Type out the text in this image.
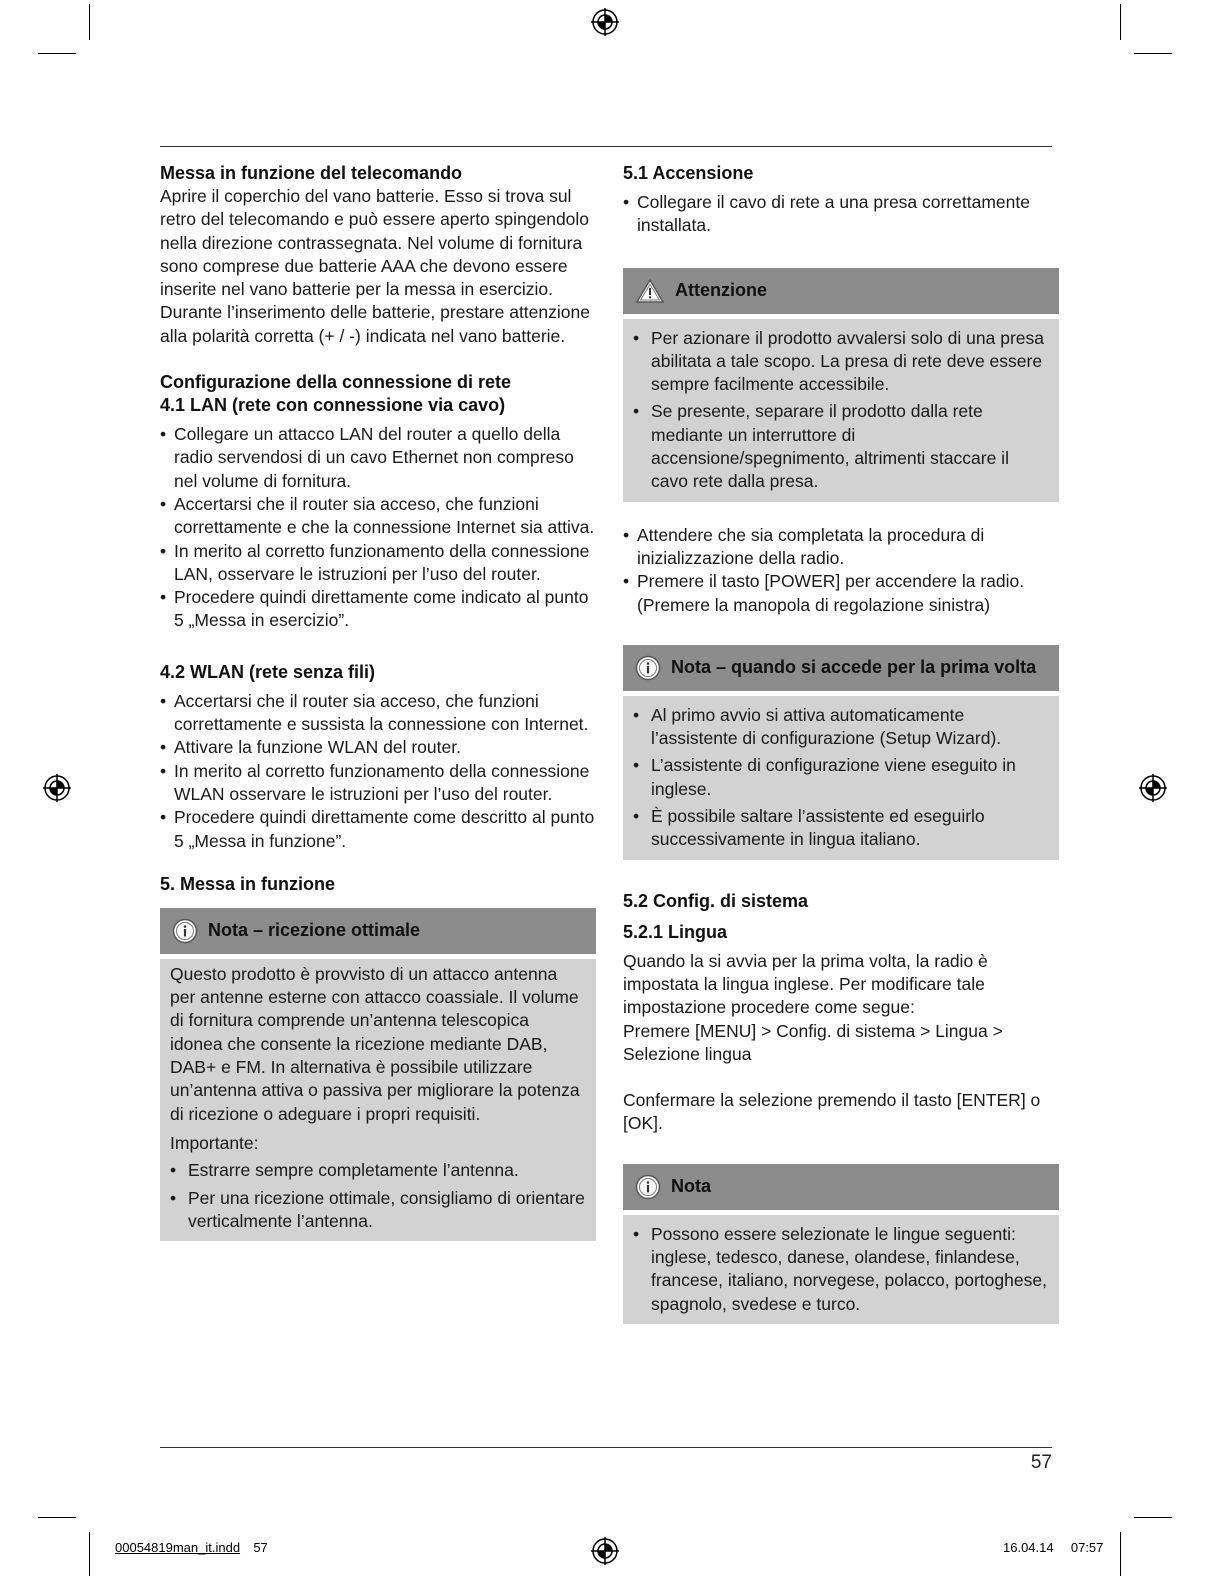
Messa in funzione del telecomando

Aprire il coperchio del vano batterie. Esso si trova sul retro del telecomando e può essere aperto spingendolo nella direzione contrassegnata. Nel volume di fornitura sono comprese due batterie AAA che devono essere inserite nel vano batterie per la messa in esercizio. Durante l’inserimento delle batterie, prestare attenzione alla polarità corretta (+ / -) indicata nel vano batterie.

Configurazione della connessione di rete
4.1 LAN (rete con connessione via cavo)
• Collegare un attacco LAN del router a quello della radio servendosi di un cavo Ethernet non compreso nel volume di fornitura.
• Accertarsi che il router sia acceso, che funzioni correttamente e che la connessione Internet sia attiva.
• In merito al corretto funzionamento della connessione LAN, osservare le istruzioni per l’uso del router.
• Procedere quindi direttamente come indicato al punto 5 „Messa in esercizio”.
4.2 WLAN (rete senza fili)
• Accertarsi che il router sia acceso, che funzioni correttamente e sussista la connessione con Internet.
• Attivare la funzione WLAN del router.
• In merito al corretto funzionamento della connessione WLAN osservare le istruzioni per l’uso del router.
• Procedere quindi direttamente come descritto al punto 5 „Messa in funzione”.
5. Messa in funzione
Nota – ricezione ottimale

Questo prodotto è provvisto di un attacco antenna per antenne esterne con attacco coassiale. Il volume di fornitura comprende un’antenna telescopica idonea che consente la ricezione mediante DAB, DAB+ e FM. In alternativa è possibile utilizzare un’antenna attiva o passiva per migliorare la potenza di ricezione o adeguare i propri requisiti.

Importante:

• Estrarre sempre completamente l’antenna.
• Per una ricezione ottimale, consigliamo di orientare verticalmente l’antenna.
5.1 Accensione
• Collegare il cavo di rete a una presa correttamente installata.
Attenzione
• Per azionare il prodotto avvalersi solo di una presa abilitata a tale scopo. La presa di rete deve essere sempre facilmente accessibile.
• Se presente, separare il prodotto dalla rete mediante un interruttore di accensione/spegnimento, altrimenti staccare il cavo rete dalla presa.
• Attendere che sia completata la procedura di inizializzazione della radio.
• Premere il tasto [POWER] per accendere la radio. (Premere la manopola di regolazione sinistra)
Nota – quando si accede per la prima volta
• Al primo avvio si attiva automaticamente l’assistente di configurazione (Setup Wizard).
• L’assistente di configurazione viene eseguito in inglese.
• È possibile saltare l’assistente ed eseguirlo successivamente in lingua italiano.
5.2 Config. di sistema
5.2.1 Lingua

Quando la si avvia per la prima volta, la radio è impostata la lingua inglese. Per modificare tale impostazione procedere come segue:

Premere [MENU] > Config. di sistema > Lingua > Selezione lingua

Confermare la selezione premendo il tasto [ENTER] o [OK].

Nota
• Possono essere selezionate le lingue seguenti: inglese, tedesco, danese, olandese, finlandese, francese, italiano, norvegese, polacco, portoghese, spagnolo, svedese e turco.
57
00054819man_it.indd 57	16.04.14 07:57
